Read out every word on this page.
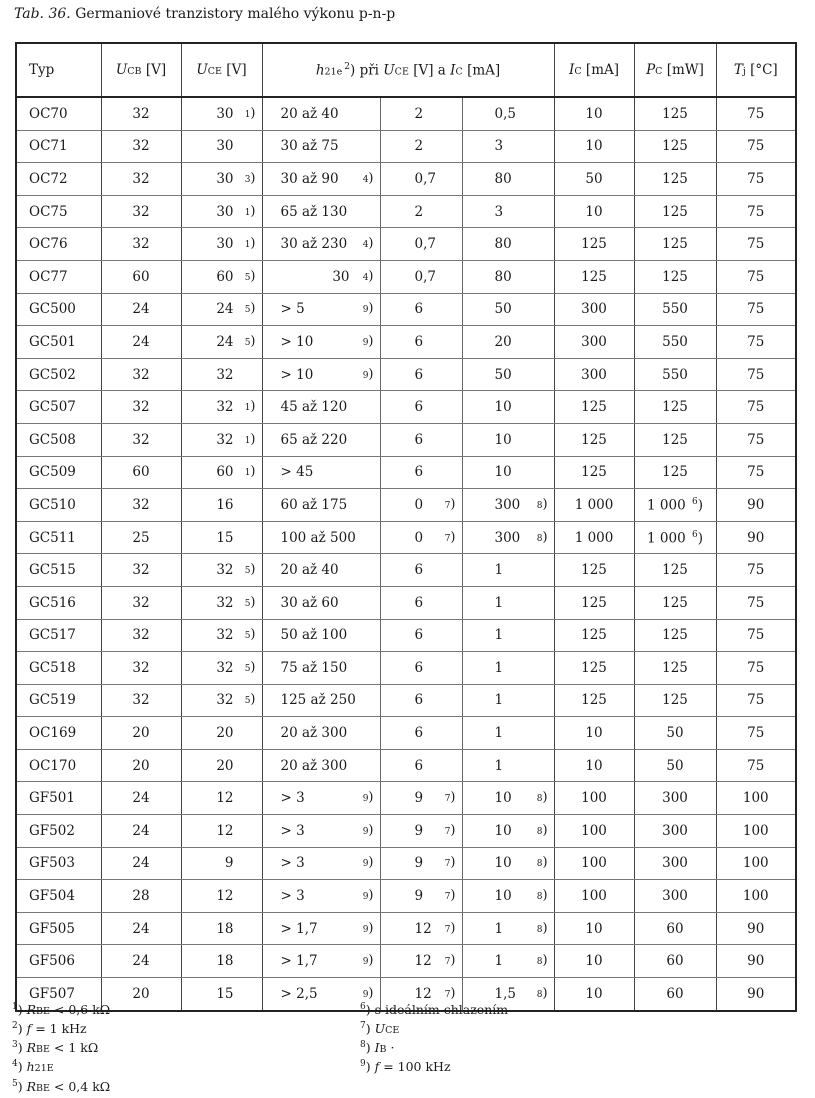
Tab. 36. Germaniové tranzistory malého výkonu p-n-p
Typ	UCB [V]	UCE [V]	h21e $^2$) při UCE [V] a IC [mA]			IC [mA]	PC [mW]	Tj [°C]
OC70	32	30 1 )	20 až 40	2	0,5	10	125	75
OC71	32	30	30 až 75	2	3	10	125	75
OC72	32	30 3 )	30 až 90 4 )	0,7	80	50	125	75
OC75	32	30 1 )	65 až 130	2	3	10	125	75
OC76	32	30 1 )	30 až 230 4 )	0,7	80	125	125	75
OC77	60	60 5 )	30 4 )	0,7	80	125	125	75
GC500	24	24 5 )	> 5 9 )	6	50	300	550	75
GC501	24	24 5 )	> 10 9 )	6	20	300	550	75
GC502	32	32	> 10 9 )	6	50	300	550	75
GC507	32	32 1 )	45 až 120	6	10	125	125	75
GC508	32	32 1 )	65 až 220	6	10	125	125	75
GC509	60	60 1 )	> 45	6	10	125	125	75
GC510	32	16	60 až 175	0 7 )	300 8 )	1 000	1 000 $^6$)	90
GC511	25	15	100 až 500	0 7 )	300 8 )	1 000	1 000 $^6$)	90
GC515	32	32 5 )	20 až 40	6	1	125	125	75
GC516	32	32 5 )	30 až 60	6	1	125	125	75
GC517	32	32 5 )	50 až 100	6	1	125	125	75
GC518	32	32 5 )	75 až 150	6	1	125	125	75
GC519	32	32 5 )	125 až 250	6	1	125	125	75
OC169	20	20	20 až 300	6	1	10	50	75
OC170	20	20	20 až 300	6	1	10	50	75
GF501	24	12	> 3 9 )	9 7 )	10 8 )	100	300	100
GF502	24	12	> 3 9 )	9 7 )	10 8 )	100	300	100
GF503	24	9	> 3 9 )	9 7 )	10 8 )	100	300	100
GF504	28	12	> 3 9 )	9 7 )	10 8 )	100	300	100
GF505	24	18	> 1,7 9 )	12 7 )	1 8 )	10	60	90
GF506	24	18	> 1,7 9 )	12 7 )	1 8 )	10	60	90
GF507	20	15	> 2,5 9 )	12 7 )	1,5 8 )	10	60	90
$^1$) RBE < 0,6 kΩ
$^2$) f = 1 kHz
$^3$) RBE < 1 kΩ
$^4$) h21E
$^5$) RBE < 0,4 kΩ
$^6$) s ideálním chlazením
$^7$) UCE
$^8$) IB ·
$^9$) f = 100 kHz
